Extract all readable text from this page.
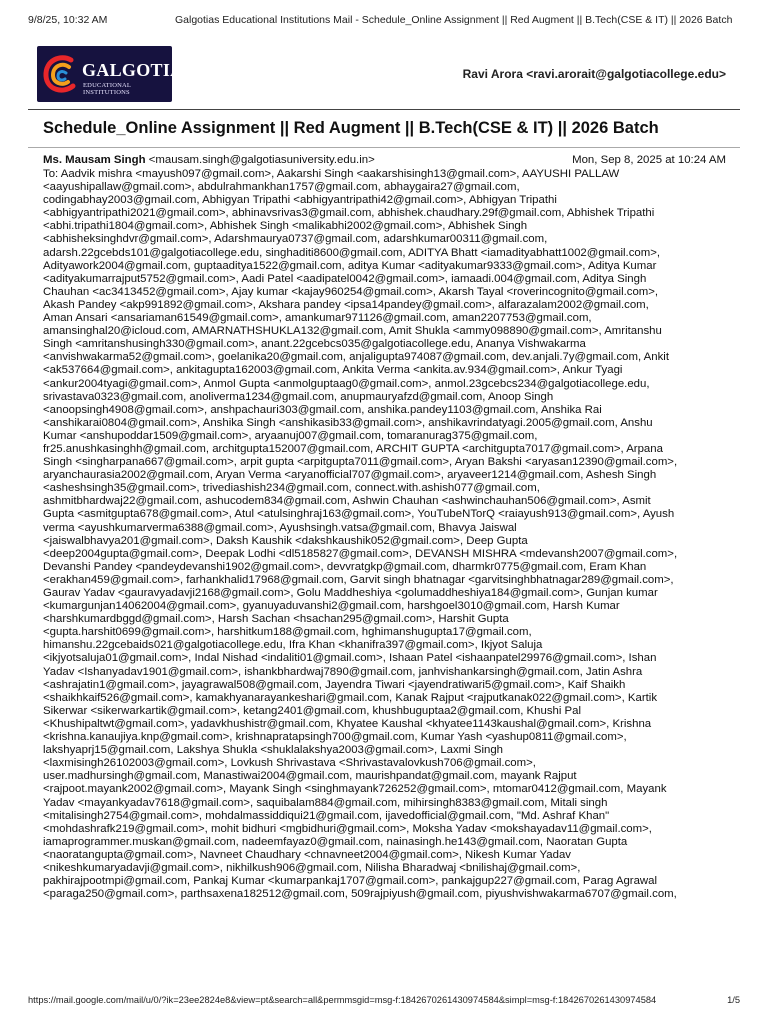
9/8/25, 10:32 AM	Galgotias Educational Institutions Mail - Schedule_Online Assignment || Red Augment || B.Tech(CSE & IT) || 2026 Batch
GALGOTIAS
EDUCATIONAL INSTITUTIONS
Ravi Arora <ravi.arorait@galgotiacollege.edu>
Schedule_Online Assignment || Red Augment || B.Tech(CSE & IT) || 2026 Batch
Ms. Mausam Singh <mausam.singh@galgotiasuniversity.edu.in>	Mon, Sep 8, 2025 at 10:24 AM
To: Aadvik mishra <mayush097@gmail.com>, Aakarshi Singh <aakarshisingh13@gmail.com>, AAYUSHI PALLAW
<aayushipallaw@gmail.com>, abdulrahmankhan1757@gmail.com, abhaygaira27@gmail.com,
codingabhay2003@gmail.com, Abhigyan Tripathi <abhigyantripathi42@gmail.com>, Abhigyan Tripathi
<abhigyantripathi2021@gmail.com>, abhinavsrivas3@gmail.com, abhishek.chaudhary.29f@gmail.com, Abhishek Tripathi
<abhi.tripathi1804@gmail.com>, Abhishek Singh <malikabhi2002@gmail.com>, Abhishek Singh
<abhisheksinghdvr@gmail.com>, Adarshmaurya0737@gmail.com, adarshkumar00311@gmail.com,
adarsh.22gcebds101@galgotiacollege.edu, singhaditi8600@gmail.com, ADITYA Bhatt <iamadityabhatt1002@gmail.com>,
Adityawork2004@gmail.com, guptaaditya1522@gmail.com, aditya Kumar <adityakumar9333@gmail.com>, Aditya Kumar
<adityakumarrajput5752@gmail.com>, Aadi Patel <aadipatel0042@gmail.com>, iamaadi.004@gmail.com, Aditya Singh
Chauhan <ac3413452@gmail.com>, Ajay kumar <kajay960254@gmail.com>, Akarsh Tayal <roverincognito@gmail.com>,
Akash Pandey <akp991892@gmail.com>, Akshara pandey <ipsa14pandey@gmail.com>, alfarazalam2002@gmail.com,
Aman Ansari <ansariaman61549@gmail.com>, amankumar971126@gmail.com, aman2207753@gmail.com,
amansinghal20@icloud.com, AMARNATHSHUKLA132@gmail.com, Amit Shukla <ammy098890@gmail.com>, Amritanshu
Singh <amritanshusingh330@gmail.com>, anant.22gcebcs035@galgotiacollege.edu, Ananya Vishwakarma
<anvishwakarma52@gmail.com>, goelanika20@gmail.com, anjaligupta974087@gmail.com, dev.anjali.7y@gmail.com, Ankit
<ak537664@gmail.com>, ankitagupta162003@gmail.com, Ankita Verma <ankita.av.934@gmail.com>, Ankur Tyagi
<ankur2004tyagi@gmail.com>, Anmol Gupta <anmolguptaag0@gmail.com>, anmol.23gcebcs234@galgotiacollege.edu,
srivastava0323@gmail.com, anoliverma1234@gmail.com, anupmauryafzd@gmail.com, Anoop Singh
<anoopsingh4908@gmail.com>, anshpachauri303@gmail.com, anshika.pandey1103@gmail.com, Anshika Rai
<anshikarai0804@gmail.com>, Anshika Singh <anshikasib33@gmail.com>, anshikavrindatyagi.2005@gmail.com, Anshu
Kumar <anshupoddar1509@gmail.com>, aryaanuj007@gmail.com, tomaranurag375@gmail.com,
fr25.anushkasinghh@gmail.com, architgupta152007@gmail.com, ARCHIT GUPTA <architgupta7017@gmail.com>, Arpana
Singh <singharpana667@gmail.com>, arpit gupta <arpitgupta7011@gmail.com>, Aryan Bakshi <aryasan12390@gmail.com>,
aryanchaurasia2002@gmail.com, Aryan Verma <aryanofficial707@gmail.com>, aryaveer1214@gmail.com, Ashesh Singh
<asheshsingh35@gmail.com>, trivediashish234@gmail.com, connect.with.ashish077@gmail.com,
ashmitbhardwaj22@gmail.com, ashucodem834@gmail.com, Ashwin Chauhan <ashwinchauhan506@gmail.com>, Asmit
Gupta <asmitgupta678@gmail.com>, Atul <atulsinghraj163@gmail.com>, YouTubeNTorQ <raiayush913@gmail.com>, Ayush
verma <ayushkumarverma6388@gmail.com>, Ayushsingh.vatsa@gmail.com, Bhavya Jaiswal
<jaiswalbhavya201@gmail.com>, Daksh Kaushik <dakshkaushik052@gmail.com>, Deep Gupta
<deep2004gupta@gmail.com>, Deepak Lodhi <dl5185827@gmail.com>, DEVANSH MISHRA <mdevansh2007@gmail.com>,
Devanshi Pandey <pandeydevanshi1902@gmail.com>, devvratgkp@gmail.com, dharmkr0775@gmail.com, Eram Khan
<erakhan459@gmail.com>, farhankhalid17968@gmail.com, Garvit singh bhatnagar <garvitsinghbhatnagar289@gmail.com>,
Gaurav Yadav <gauravyadavji2168@gmail.com>, Golu Maddheshiya <golumaddheshiya184@gmail.com>, Gunjan kumar
<kumargunjan14062004@gmail.com>, gyanuyaduvanshi2@gmail.com, harshgoel3010@gmail.com, Harsh Kumar
<harshkumardbggd@gmail.com>, Harsh Sachan <hsachan295@gmail.com>, Harshit Gupta
<gupta.harshit0699@gmail.com>, harshitkum188@gmail.com, hghimanshugupta17@gmail.com,
himanshu.22gcebaids021@galgotiacollege.edu, Ifra Khan <khanifra397@gmail.com>, Ikjyot Saluja
<ikjyotsaluja01@gmail.com>, Indal Nishad <indaliti01@gmail.com>, Ishaan Patel <ishaanpatel29976@gmail.com>, Ishan
Yadav <Ishanyadav1901@gmail.com>, ishankbhardwaj7890@gmail.com, janhvishankarsingh@gmail.com, Jatin Ashra
<ashrajatin1@gmail.com>, jayagrawal508@gmail.com, Jayendra Tiwari <jayendratiwari5@gmail.com>, Kaif Shaikh
<shaikhkaif526@gmail.com>, kamakhyanarayankeshari@gmail.com, Kanak Rajput <rajputkanak022@gmail.com>, Kartik
Sikerwar <sikerwarkartik@gmail.com>, ketang2401@gmail.com, khushbuguptaa2@gmail.com, Khushi Pal
<Khushipaltwt@gmail.com>, yadavkhushistr@gmail.com, Khyatee Kaushal <khyatee1143kaushal@gmail.com>, Krishna
<krishna.kanaujiya.knp@gmail.com>, krishnapratapsingh700@gmail.com, Kumar Yash <yashup0811@gmail.com>,
lakshyaprj15@gmail.com, Lakshya Shukla <shuklalakshya2003@gmail.com>, Laxmi Singh
<laxmisingh26102003@gmail.com>, Lovkush Shrivastava <Shrivastavalovkush706@gmail.com>,
user.madhursingh@gmail.com, Manastiwai2004@gmail.com, maurishpandat@gmail.com, mayank Rajput
<rajpoot.mayank2002@gmail.com>, Mayank Singh <singhmayank726252@gmail.com>, mtomar0412@gmail.com, Mayank
Yadav <mayankyadav7618@gmail.com>, saquibalam884@gmail.com, mihirsingh8383@gmail.com, Mitali singh
<mitalisingh2754@gmail.com>, mohdalmassiddiqui21@gmail.com, ijavedofficial@gmail.com, "Md. Ashraf Khan"
<mohdashrafk219@gmail.com>, mohit bidhuri <mgbidhuri@gmail.com>, Moksha Yadav <mokshayadav11@gmail.com>,
iamaprogrammer.muskan@gmail.com, nadeemfayaz0@gmail.com, nainasingh.he143@gmail.com, Naoratan Gupta
<naoratangupta@gmail.com>, Navneet Chaudhary <chnavneet2004@gmail.com>, Nikesh Kumar Yadav
<nikeshkumaryadavji@gmail.com>, nikhilkush906@gmail.com, Nilisha Bharadwaj <bnilishaj@gmail.com>,
pakhirajpootmpi@gmail.com, Pankaj Kumar <kumarpankaj1707@gmail.com>, pankajgup227@gmail.com, Parag Agrawal
<paraga250@gmail.com>, parthsaxena182512@gmail.com, 509rajpiyush@gmail.com, piyushvishwakarma6707@gmail.com,
https://mail.google.com/mail/u/0/?ik=23ee2824e8&view=pt&search=all&permmsgid=msg-f:1842670261430974584&simpl=msg-f:1842670261430974584	1/5
